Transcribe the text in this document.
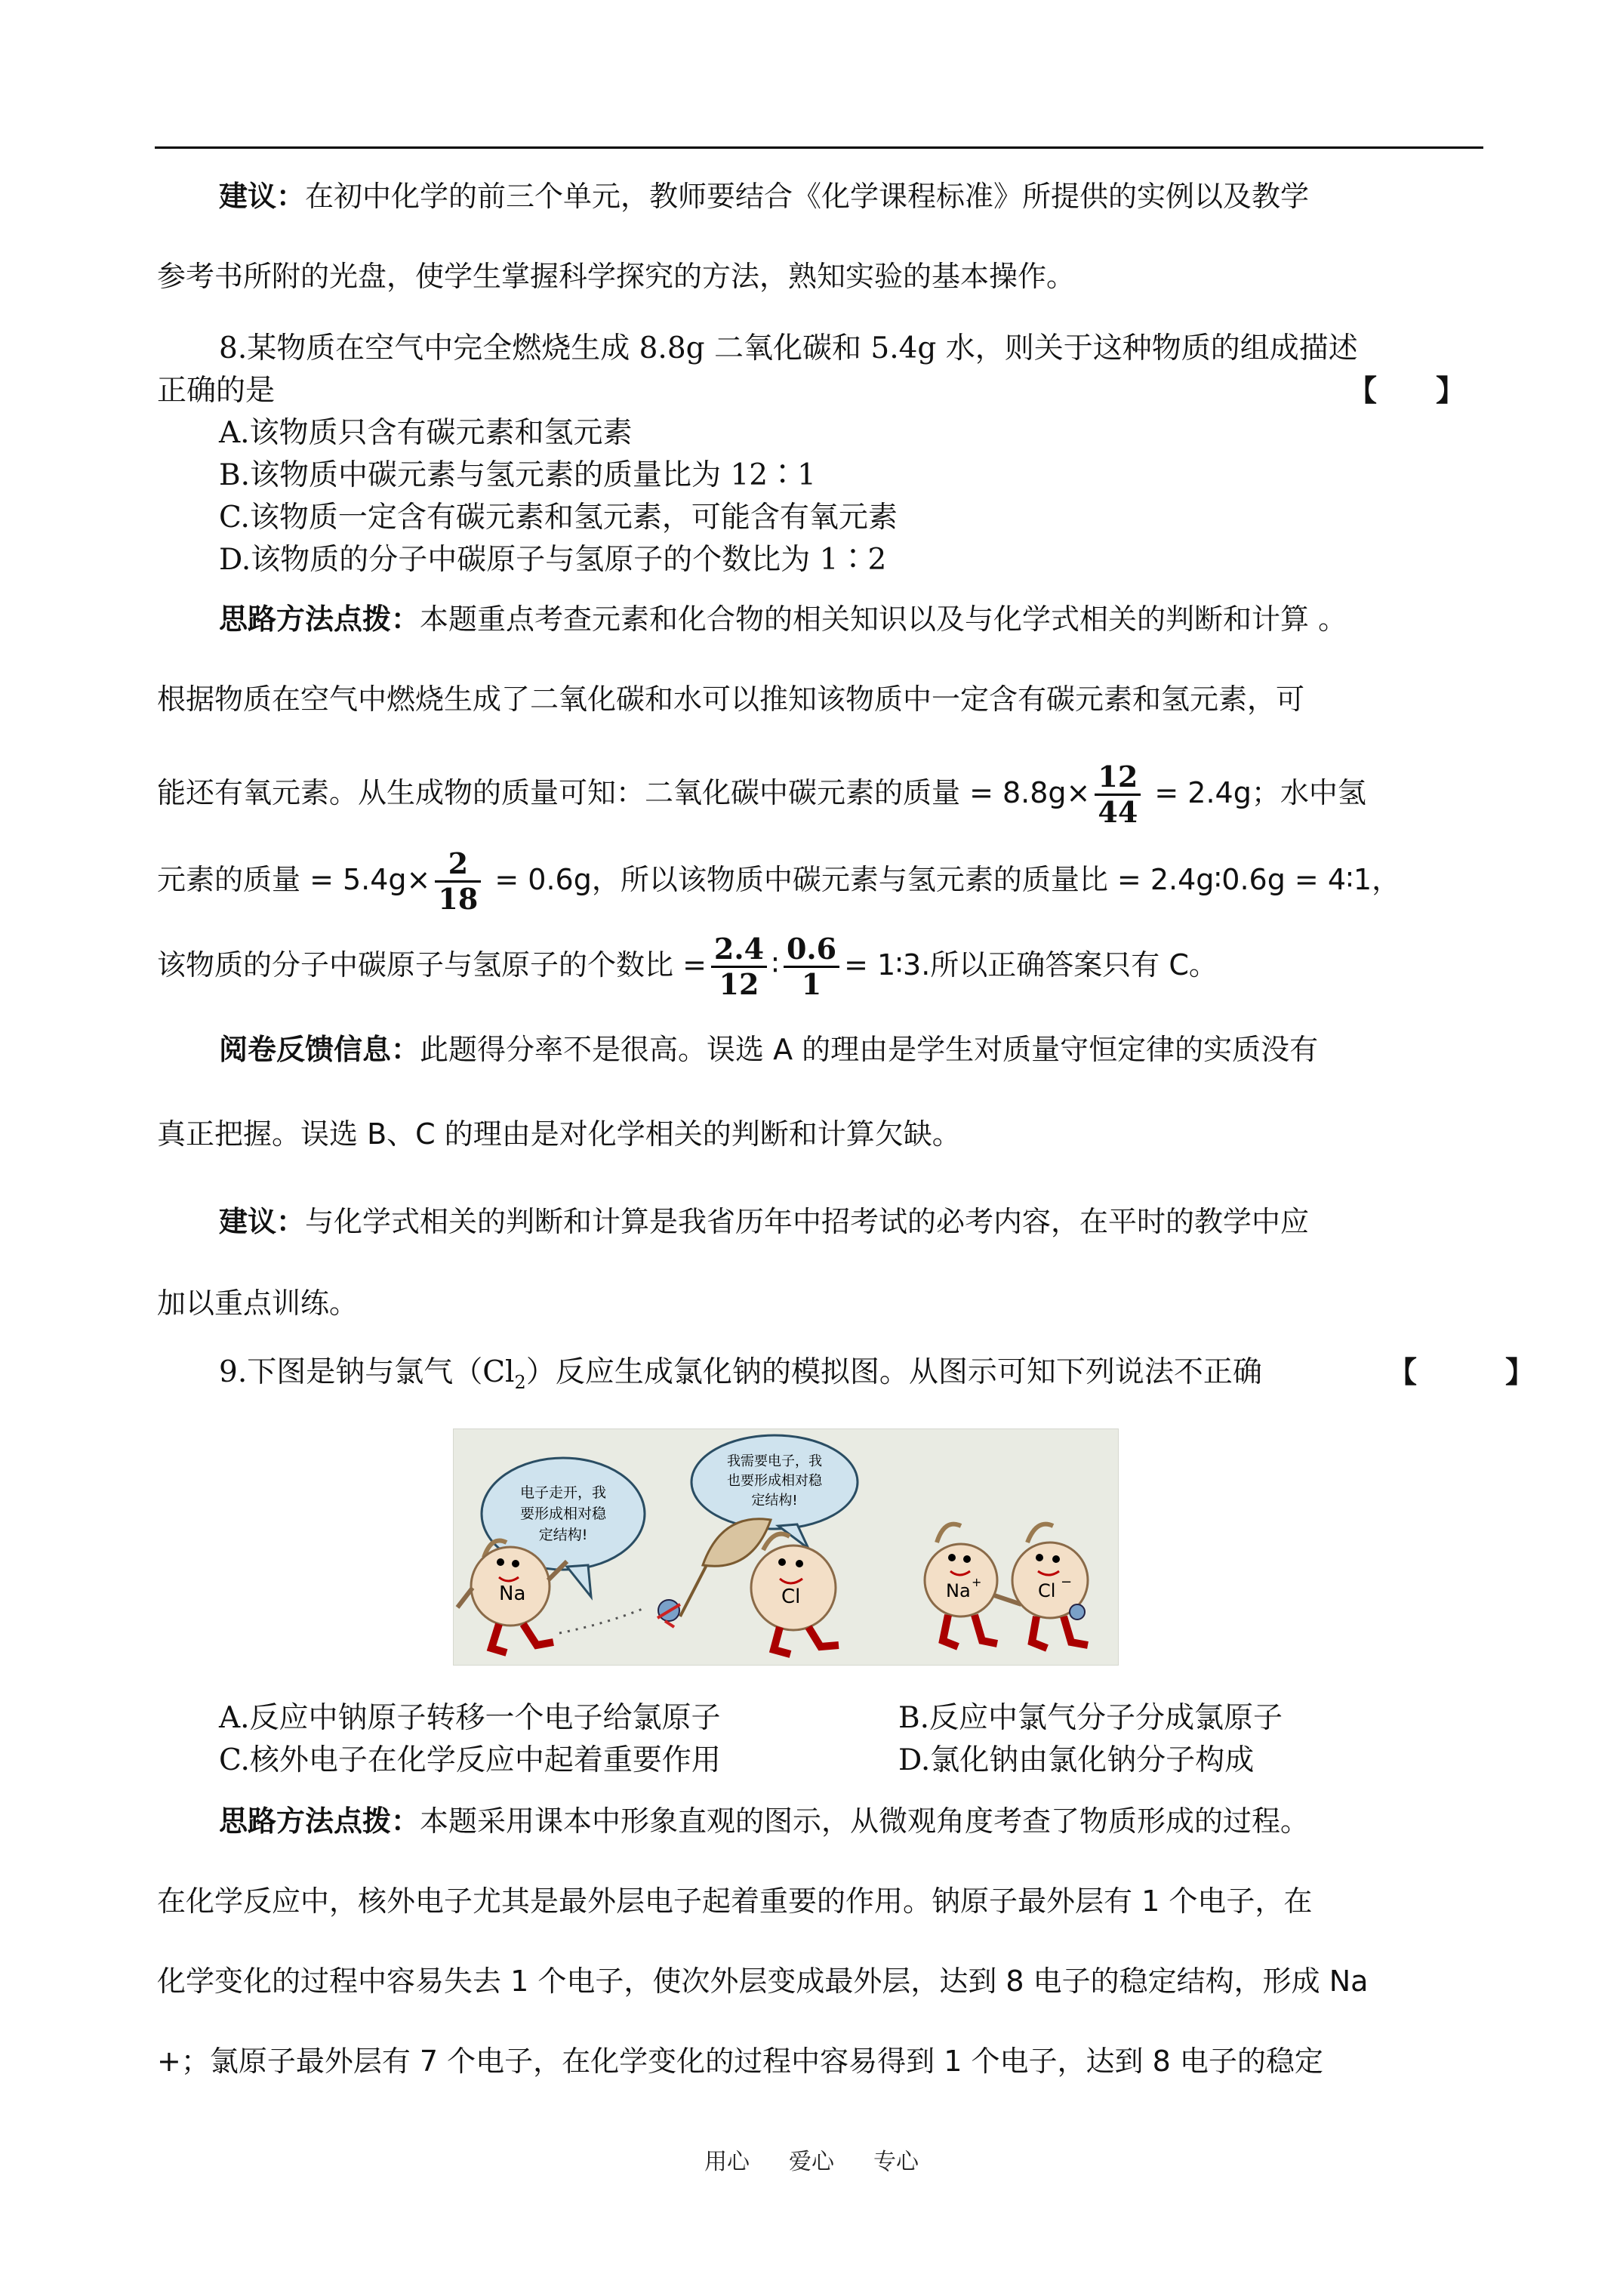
建议：在初中化学的前三个单元，教师要结合《化学课程标准》所提供的实例以及教学
参考书所附的光盘，使学生掌握科学探究的方法，熟知实验的基本操作。
8.某物质在空气中完全燃烧生成 8.8g 二氧化碳和 5.4g 水，则关于这种物质的组成描述
正确的是	【　　】
A.该物质只含有碳元素和氢元素
B.该物质中碳元素与氢元素的质量比为 12∶1
C.该物质一定含有碳元素和氢元素，可能含有氧元素
D.该物质的分子中碳原子与氢原子的个数比为 1∶2
思路方法点拨：本题重点考查元素和化合物的相关知识以及与化学式相关的判断和计算 。
根据物质在空气中燃烧生成了二氧化碳和水可以推知该物质中一定含有碳元素和氢元素，可
能还有氧元素。从生成物的质量可知：二氧化碳中碳元素的质量 = $8.8g\times \frac{12}{44} = 2.4g$；水中氢
元素的质量 = $5.4g\times \frac{2}{18} = 0.6g$，所以该物质中碳元素与氢元素的质量比 = 2.4g∶0.6g = 4∶1，
该物质的分子中碳原子与氢原子的个数比 = $\frac{2.4}{12}$ ∶ $\frac{0.6}{1}$ = 1∶3.所以正确答案只有 C。
阅卷反馈信息：此题得分率不是很高。误选 A 的理由是学生对质量守恒定律的实质没有
真正把握。误选 B、C 的理由是对化学相关的判断和计算欠缺。
建议：与化学式相关的判断和计算是我省历年中招考试的必考内容，在平时的教学中应
加以重点训练。
9.下图是钠与氯气$(Cl_2)$反应生成氯化钠的模拟图。从图示可知下列说法不正确	【　　　】
电子走开，我
要形成相对稳
定结构!
我需要电子，我
也要形成相对稳
定结构!
Na	Cl	Na +	Cl −
A.反应中钠原子转移一个电子给氯原子	B.反应中氯气分子分成氯原子
C.核外电子在化学反应中起着重要作用	D.氯化钠由氯化钠分子构成
思路方法点拨：本题采用课本中形象直观的图示，从微观角度考查了物质形成的过程。
在化学反应中，核外电子尤其是最外层电子起着重要的作用。钠原子最外层有 1 个电子，在
化学变化的过程中容易失去 1 个电子，使次外层变成最外层，达到 8 电子的稳定结构，形成 Na
+；氯原子最外层有 7 个电子，在化学变化的过程中容易得到 1 个电子，达到 8 电子的稳定
用心 爱心 专心
